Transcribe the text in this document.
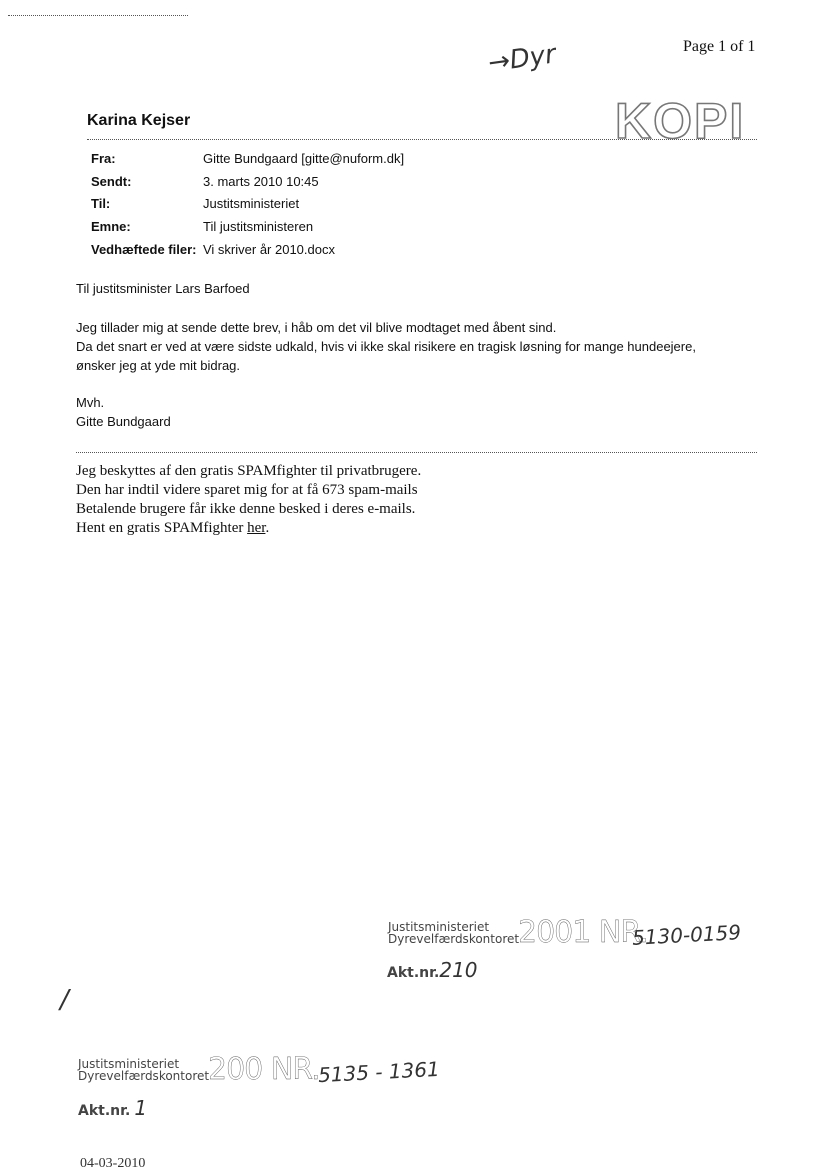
Page 1 of 1
→Dyr
KOPI
Karina Kejser
Fra:	Gitte Bundgaard [gitte@nuform.dk]
Sendt:	3. marts 2010 10:45
Til:	Justitsministeriet
Emne:	Til justitsministeren
Vedhæftede filer: Vi skriver år 2010.docx
Til justitsminister Lars Barfoed
Jeg tillader mig at sende dette brev, i håb om det vil blive modtaget med åbent sind.
Da det snart er ved at være sidste udkald, hvis vi ikke skal risikere en tragisk løsning for mange hundeejere,
ønsker jeg at yde mit bidrag.
Mvh.
Gitte Bundgaard
Jeg beskyttes af den gratis SPAMfighter til privatbrugere.
Den har indtil videre sparet mig for at få 673 spam-mails
Betalende brugere får ikke denne besked i deres e-mails.
Hent en gratis SPAMfighter her.
Justitsministeriet
Dyrevelfærdskontoret
2001 NR.
5130-0159
Akt.nr.210
/
Justitsministeriet
Dyrevelfærdskontoret
200 NR.
5135 - 1361
Akt.nr. 1
04-03-2010
